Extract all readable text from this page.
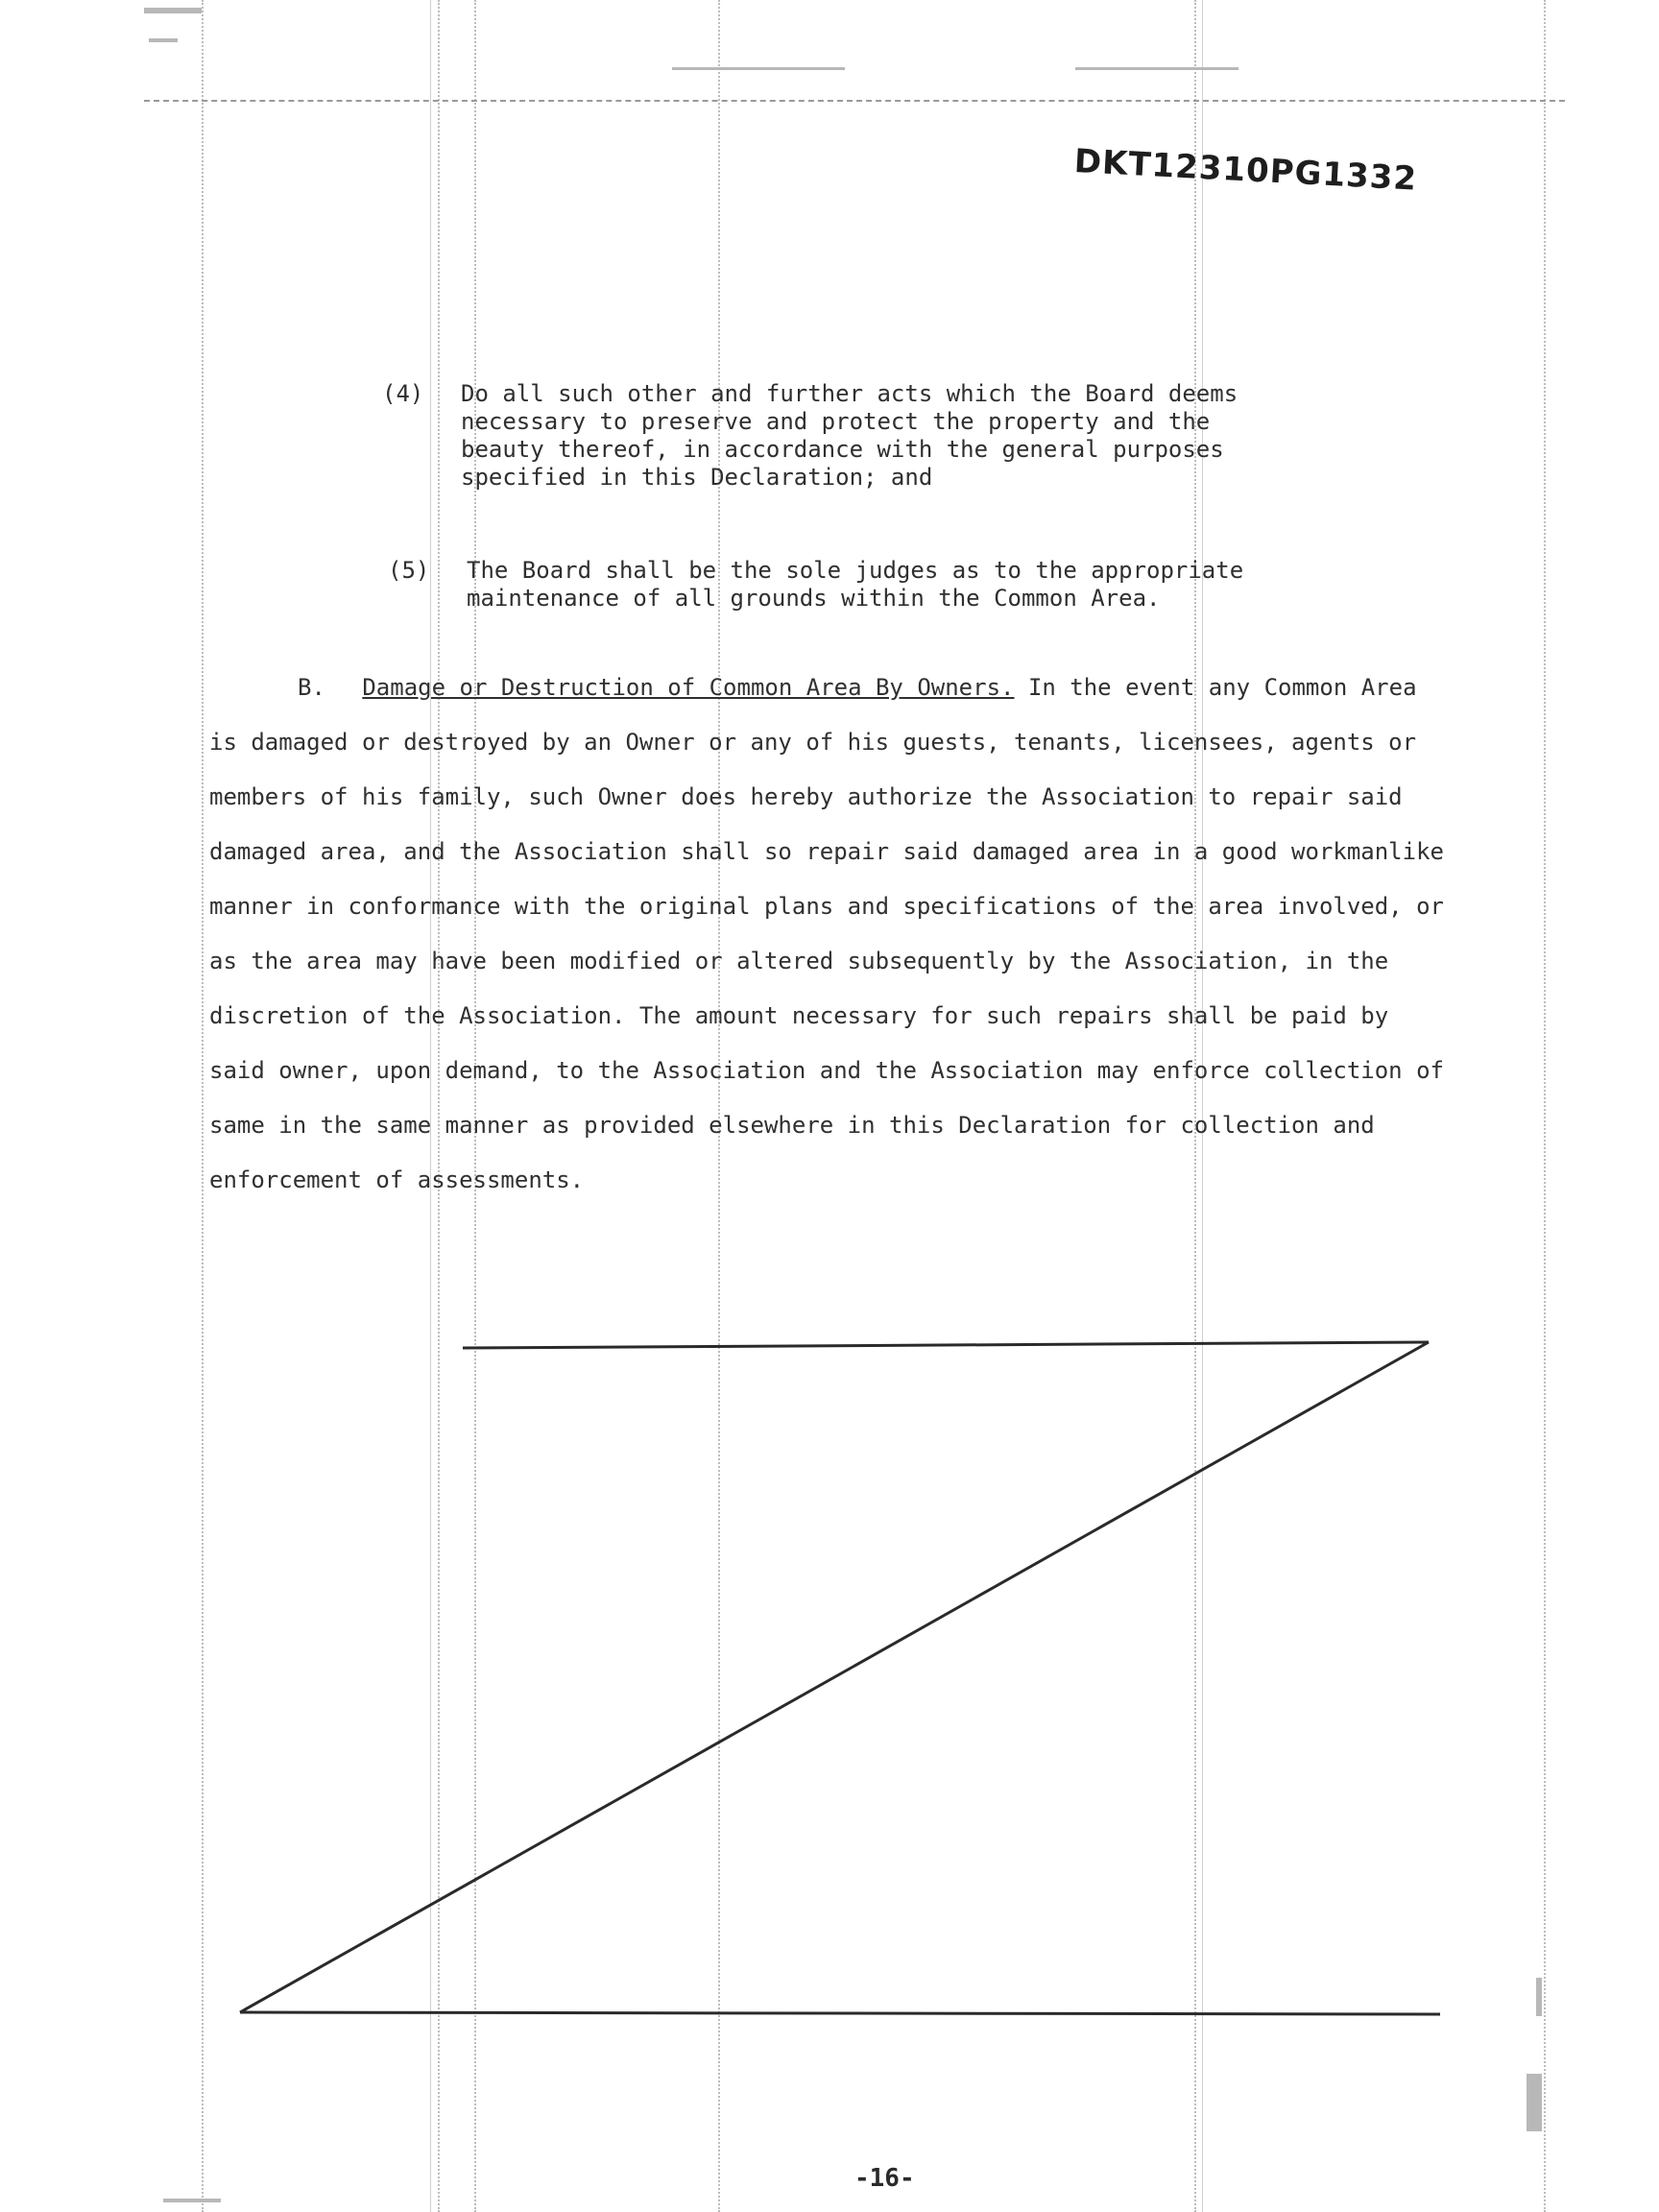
DKT12310PG1332
(4) Do all such other and further acts which the Board deems necessary to preserve and protect the property and the beauty thereof, in accordance with the general purposes specified in this Declaration; and
(5) The Board shall be the sole judges as to the appropriate maintenance of all grounds within the Common Area.
B. Damage or Destruction of Common Area By Owners. In the event any Common Area is damaged or destroyed by an Owner or any of his guests, tenants, licensees, agents or members of his family, such Owner does hereby authorize the Association to repair said damaged area, and the Association shall so repair said damaged area in a good workmanlike manner in conformance with the original plans and specifications of the area involved, or as the area may have been modified or altered subsequently by the Association, in the discretion of the Association. The amount necessary for such repairs shall be paid by said owner, upon demand, to the Association and the Association may enforce collection of same in the same manner as provided elsewhere in this Declaration for collection and enforcement of assessments.
-16-
